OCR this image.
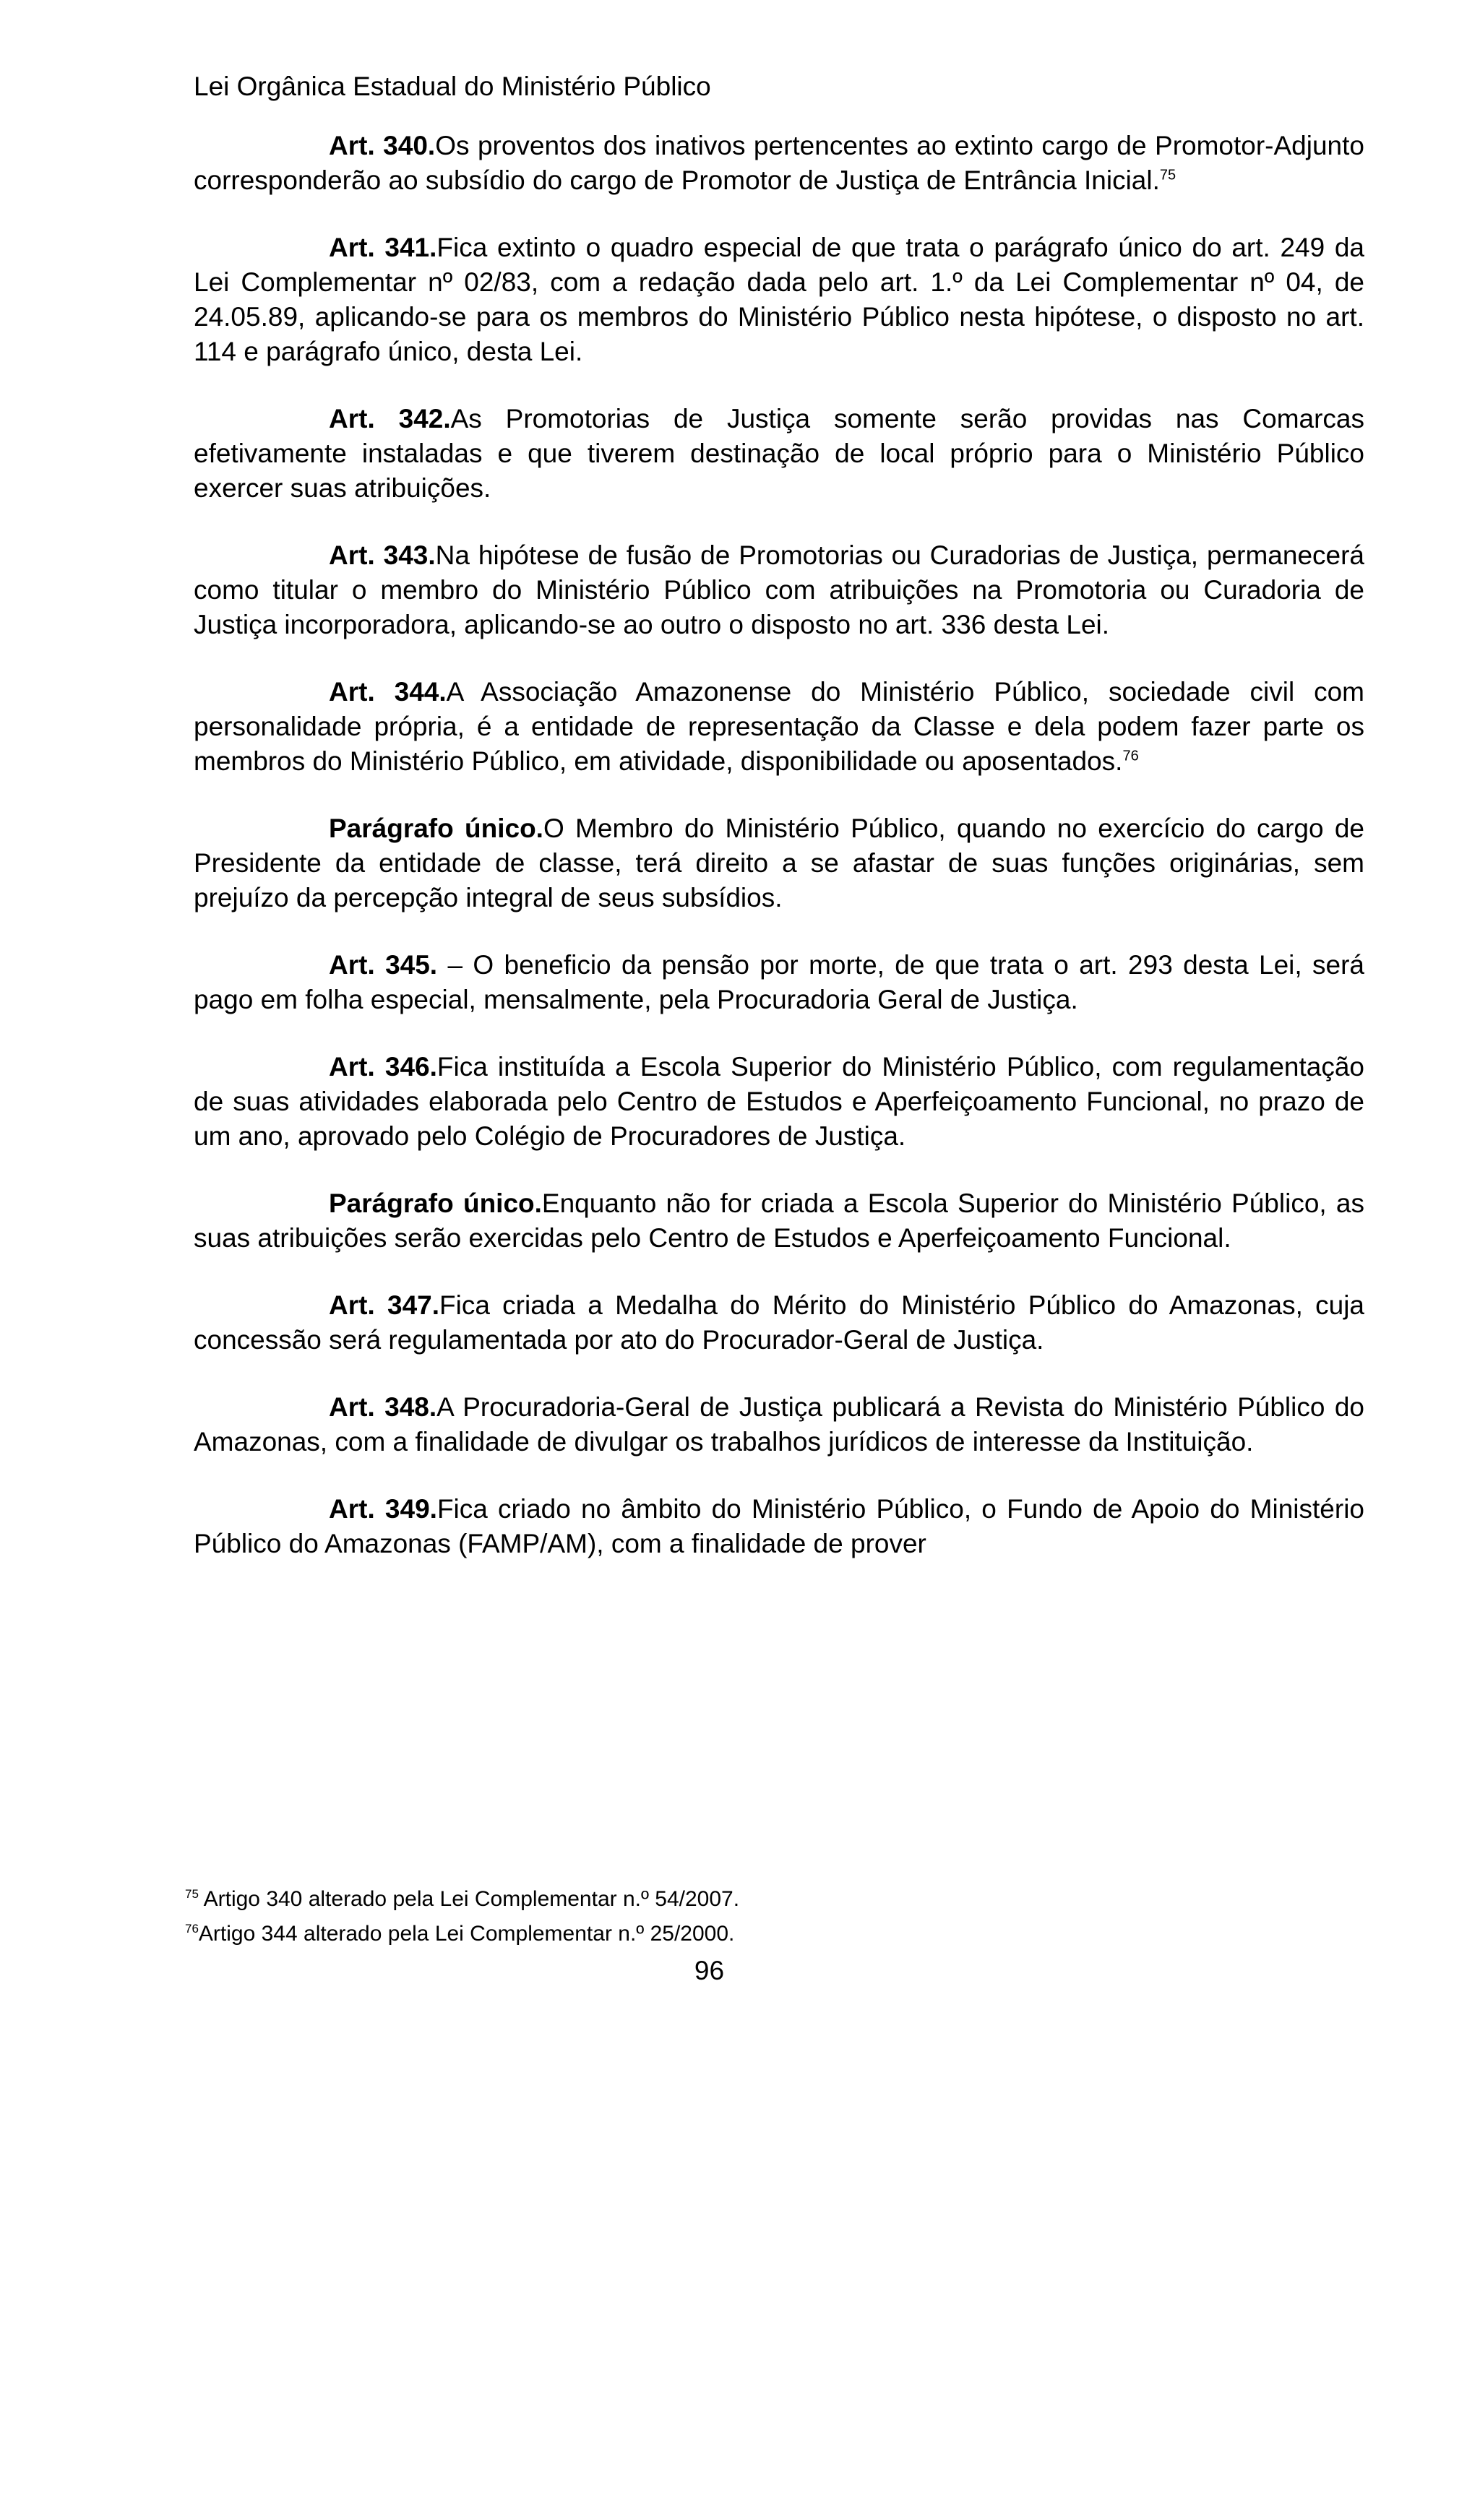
Lei Orgânica Estadual do Ministério Público

Art. 340.Os proventos dos inativos pertencentes ao extinto cargo de Promotor-Adjunto corresponderão ao subsídio do cargo de Promotor de Justiça de Entrância Inicial.$^{75}$

Art. 341.Fica extinto o quadro especial de que trata o parágrafo único do art. 249 da Lei Complementar nº 02/83, com a redação dada pelo art. 1.º da Lei Complementar nº 04, de 24.05.89, aplicando-se para os membros do Ministério Público nesta hipótese, o disposto no art. 114 e parágrafo único, desta Lei.

Art. 342.As Promotorias de Justiça somente serão providas nas Comarcas efetivamente instaladas e que tiverem destinação de local próprio para o Ministério Público exercer suas atribuições.

Art. 343.Na hipótese de fusão de Promotorias ou Curadorias de Justiça, permanecerá como titular o membro do Ministério Público com atribuições na Promotoria ou Curadoria de Justiça incorporadora, aplicando-se ao outro o disposto no art. 336 desta Lei.

Art. 344.A Associação Amazonense do Ministério Público, sociedade civil com personalidade própria, é a entidade de representação da Classe e dela podem fazer parte os membros do Ministério Público, em atividade, disponibilidade ou aposentados.$^{76}$

Parágrafo único.O Membro do Ministério Público, quando no exercício do cargo de Presidente da entidade de classe, terá direito a se afastar de suas funções originárias, sem prejuízo da percepção integral de seus subsídios.

Art. 345. – O beneficio da pensão por morte, de que trata o art. 293 desta Lei, será pago em folha especial, mensalmente, pela Procuradoria Geral de Justiça.

Art. 346.Fica instituída a Escola Superior do Ministério Público, com regulamentação de suas atividades elaborada pelo Centro de Estudos e Aperfeiçoamento Funcional, no prazo de um ano, aprovado pelo Colégio de Procuradores de Justiça.

Parágrafo único.Enquanto não for criada a Escola Superior do Ministério Público, as suas atribuições serão exercidas pelo Centro de Estudos e Aperfeiçoamento Funcional.

Art. 347.Fica criada a Medalha do Mérito do Ministério Público do Amazonas, cuja concessão será regulamentada por ato do Procurador-Geral de Justiça.

Art. 348.A Procuradoria-Geral de Justiça publicará a Revista do Ministério Público do Amazonas, com a finalidade de divulgar os trabalhos jurídicos de interesse da Instituição.

Art. 349.Fica criado no âmbito do Ministério Público, o Fundo de Apoio do Ministério Público do Amazonas (FAMP/AM), com a finalidade de prover

$^{75}$ Artigo 340 alterado pela Lei Complementar n.º 54/2007.
$^{76}$Artigo 344 alterado pela Lei Complementar n.º 25/2000.
96
